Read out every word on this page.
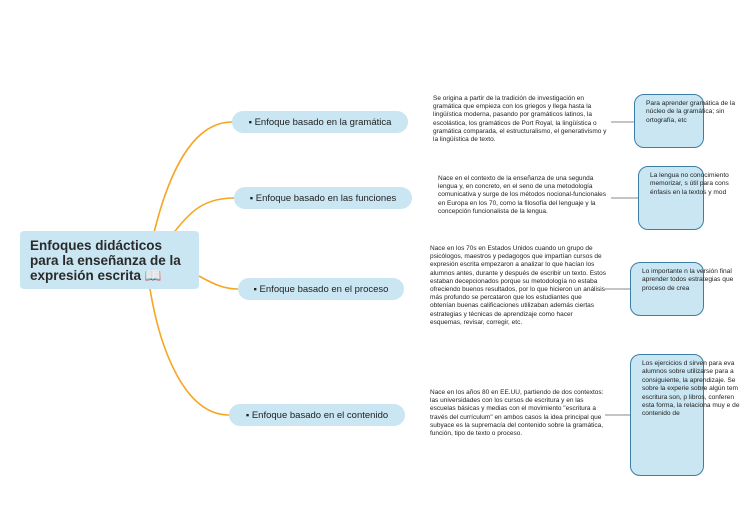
Enfoques didácticos para la enseñanza de la expresión escrita 📖
▪ Enfoque basado en la gramática
▪ Enfoque basado en las funciones
▪ Enfoque basado en el proceso
▪ Enfoque basado en el contenido
Se origina a partir de la tradición de investigación en gramática que empieza con los griegos y llega hasta la lingüística moderna, pasando por gramáticos latinos, la escolástica, los gramáticos de Port Royal, la lingüística o gramática comparada, el estructuralismo, el generativismo y la lingüística de texto.
Nace en el contexto de la enseñanza de una segunda lengua y, en concreto, en el seno de una metodología comunicativa y surge de los métodos nocional-funcionales en Europa en los 70, como la filosofía del lenguaje y la concepción funcionalista de la lengua.
Nace en los 70s en Estados Unidos cuando un grupo de psicólogos, maestros y pedagogos que impartían cursos de expresión escrita empezaron a analizar lo que hacían los alumnos antes, durante y después de escribir un texto. Estos estaban decepcionados porque su metodología no estaba ofreciendo buenos resultados, por lo que hicieron un análisis más profundo se percataron que los estudiantes que obtenían buenas calificaciones utilizaban además ciertas estrategias y técnicas de aprendizaje como hacer esquemas, revisar, corregir, etc.
Nace en los años 80 en EE.UU, partiendo de dos contextos: las universidades con los cursos de escritura y en las escuelas básicas y medias con el movimiento "escritura a través del currículum" en ambos casos la idea principal que subyace es la supremacía del contenido sobre la gramática, función, tipo de texto o proceso.
Para aprender gramática de la núcleo de la gramática; sin ortografía, etc
La lengua no conocimiento memorizar, s útil para cons énfasis en la textos y mod
Lo importante n la versión final aprender todos estrategias que proceso de crea
Los ejercicios d sirven para eva alumnos sobre utilizarse para a consiguiente, la aprendizaje. Se sobre la experie sobre algún tem escritura son, p libros, conferen esta forma, la relaciona muy e de contenido de
